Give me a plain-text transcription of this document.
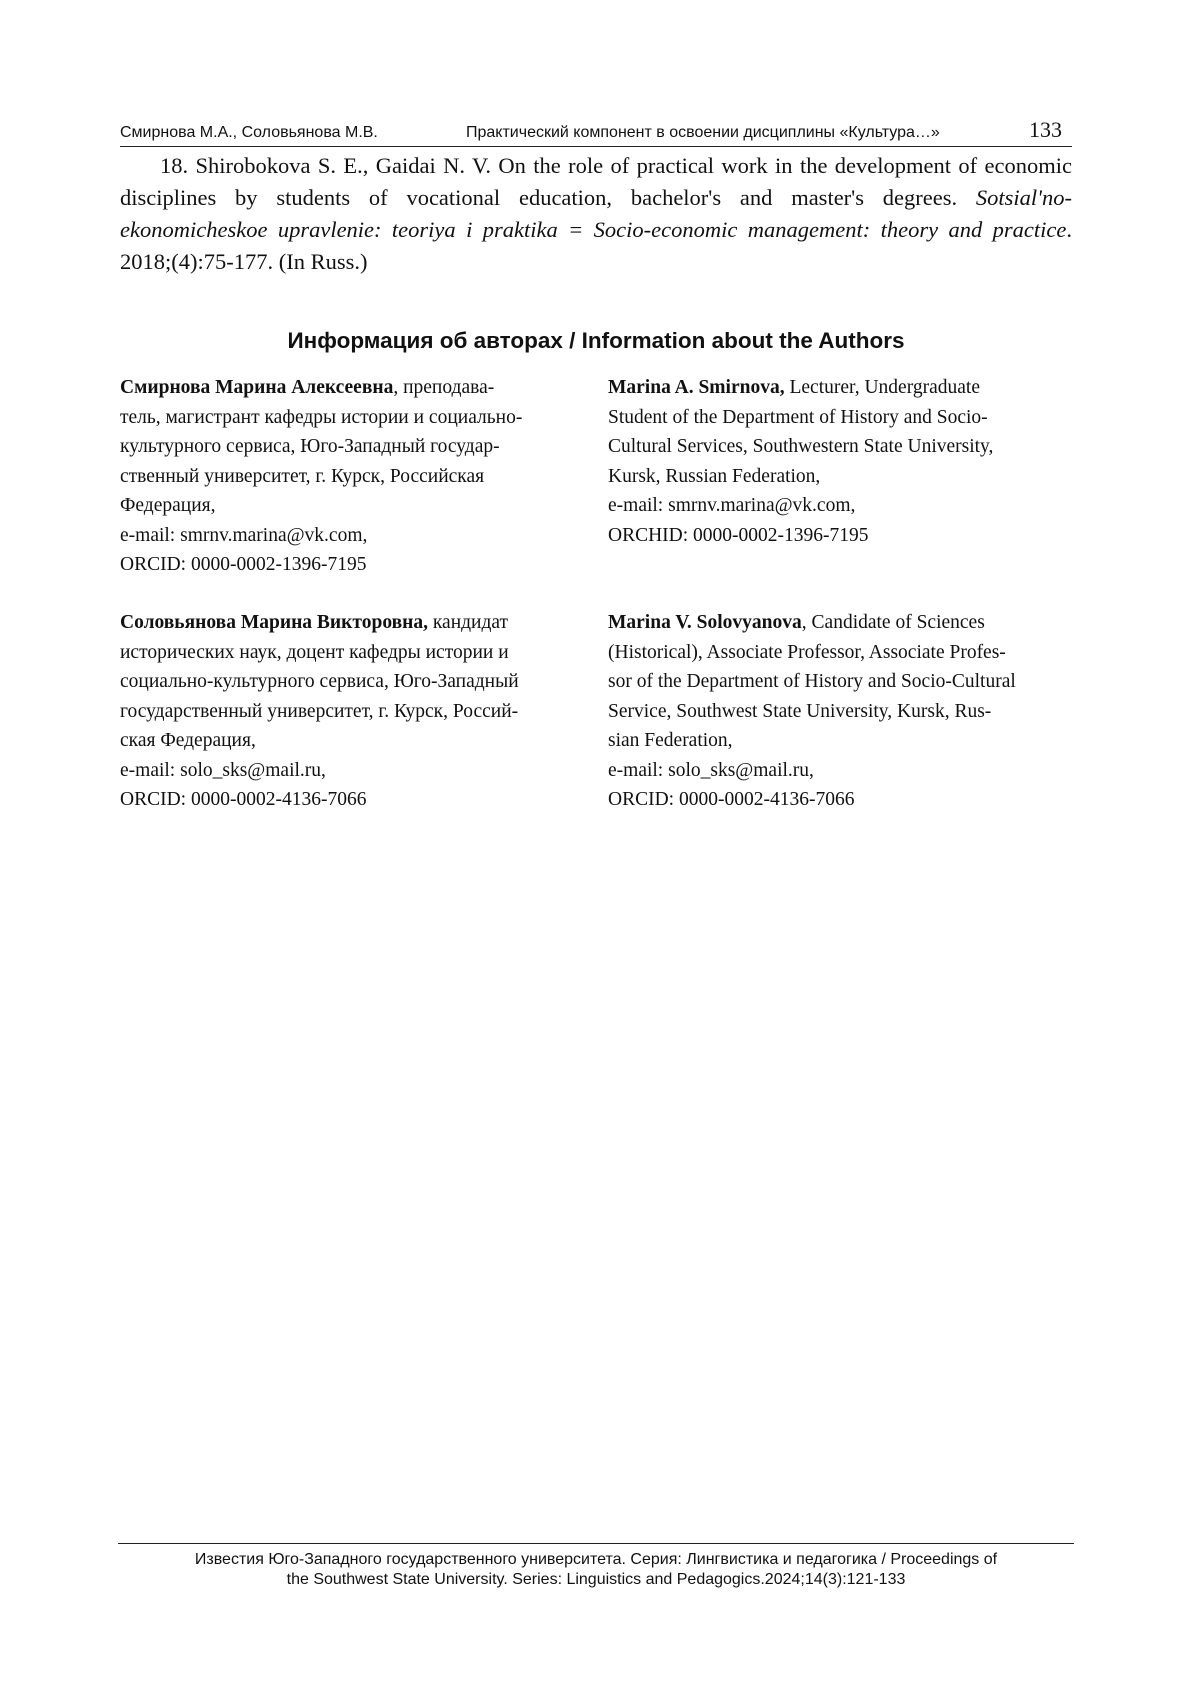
Смирнова М.А., Соловьянова М.В.	Практический компонент в освоении дисциплины «Культура…»	133
18. Shirobokova S. E., Gaidai N. V. On the role of practical work in the development of economic disciplines by students of vocational education, bachelor's and master's degrees. Sotsial'no-ekonomicheskoe upravlenie: teoriya i praktika = Socio-economic management: theory and practice. 2018;(4):75-177. (In Russ.)
Информация об авторах / Information about the Authors
Смирнова Марина Алексеевна, преподава-
тель, магистрант кафедры истории и социально-
культурного сервиса, Юго-Западный государ-
ственный университет, г. Курск, Российская
Федерация,
e-mail: smrnv.marina@vk.com,
ORCID: 0000-0002-1396-7195
Marina A. Smirnova, Lecturer, Undergraduate
Student of the Department of History and Socio-
Cultural Services, Southwestern State University,
Kursk, Russian Federation,
e-mail: smrnv.marina@vk.com,
ORCHID: 0000-0002-1396-7195
Соловьянова Марина Викторовна, кандидат
исторических наук, доцент кафедры истории и
социально-культурного сервиса, Юго-Западный
государственный университет, г. Курск, Россий-
ская Федерация,
e-mail: solo_sks@mail.ru,
ORCID: 0000-0002-4136-7066
Marina V. Solovyanova, Candidate of Sciences
(Historical), Associate Professor, Associate Profes-
sor of the Department of History and Socio-Cultural
Service, Southwest State University, Kursk, Rus-
sian Federation,
e-mail: solo_sks@mail.ru,
ORCID: 0000-0002-4136-7066
Известия Юго-Западного государственного университета. Серия: Лингвистика и педагогика / Proceedings of
the Southwest State University. Series: Linguistics and Pedagogics.2024;14(3):121-133
